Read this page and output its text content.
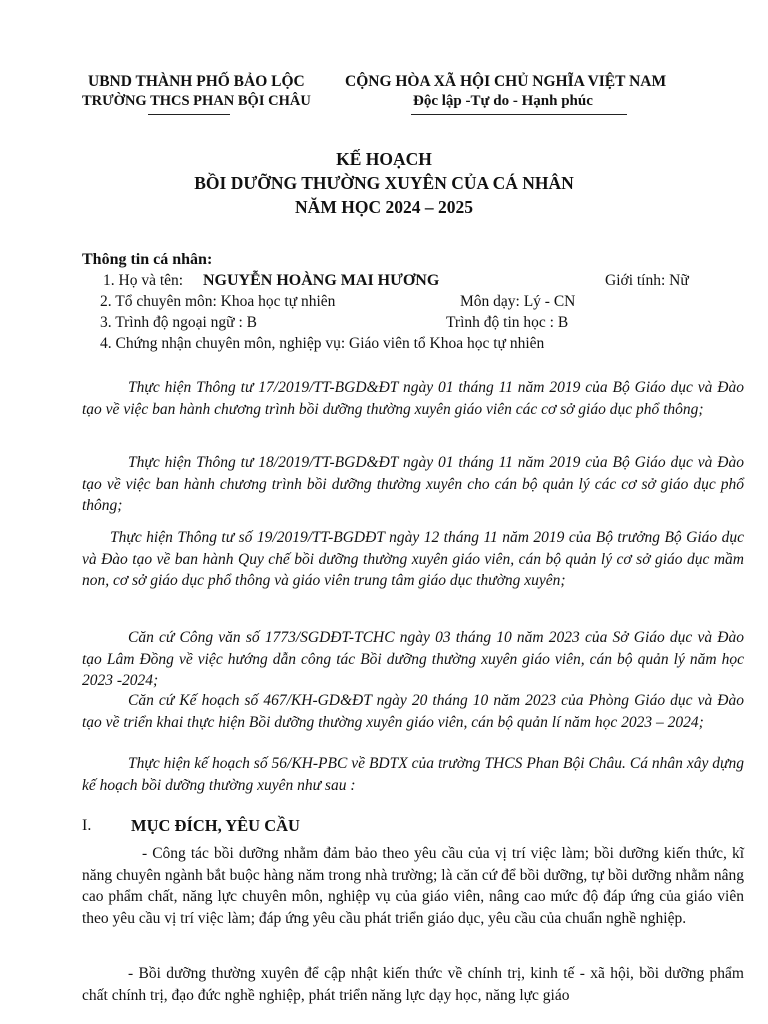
UBND THÀNH PHỐ BẢO LỘC
TRƯỜNG THCS PHAN BỘI CHÂU
CỘNG HÒA XÃ HỘI CHỦ NGHĨA VIỆT NAM
Độc lập -Tự do - Hạnh phúc
KẾ HOẠCH
BỒI DƯỠNG THƯỜNG XUYÊN CỦA CÁ NHÂN
NĂM HỌC 2024 – 2025
Thông tin cá nhân:
1. Họ và tên: NGUYỄN HOÀNG MAI HƯƠNG	Giới tính: Nữ
2. Tổ chuyên môn: Khoa học tự nhiên	Môn dạy: Lý - CN
3. Trình độ ngoại ngữ : B	Trình độ tin học : B
4. Chứng nhận chuyên môn, nghiệp vụ: Giáo viên tổ Khoa học tự nhiên

Thực hiện Thông tư 17/2019/TT-BGD&ĐT ngày 01 tháng 11 năm 2019 của Bộ Giáo dục và Đào tạo về việc ban hành chương trình bồi dưỡng thường xuyên giáo viên các cơ sở giáo dục phổ thông;

Thực hiện Thông tư 18/2019/TT-BGD&ĐT ngày 01 tháng 11 năm 2019 của Bộ Giáo dục và Đào tạo về việc ban hành chương trình bồi dưỡng thường xuyên cho cán bộ quản lý các cơ sở giáo dục phổ thông;

Thực hiện Thông tư số 19/2019/TT-BGDĐT ngày 12 tháng 11 năm 2019 của Bộ trưởng Bộ Giáo dục và Đào tạo về ban hành Quy chế bồi dưỡng thường xuyên giáo viên, cán bộ quản lý cơ sở giáo dục mầm non, cơ sở giáo dục phổ thông và giáo viên trung tâm giáo dục thường xuyên;

Căn cứ Công văn số 1773/SGDĐT-TCHC ngày 03 tháng 10 năm 2023 của Sở Giáo dục và Đào tạo Lâm Đồng về việc hướng dẫn công tác Bồi dưỡng thường xuyên giáo viên, cán bộ quản lý năm học 2023 -2024;

Căn cứ Kế hoạch số 467/KH-GD&ĐT ngày 20 tháng 10 năm 2023 của Phòng Giáo dục và Đào tạo về triển khai thực hiện Bồi dưỡng thường xuyên giáo viên, cán bộ quản lí năm học 2023 – 2024;

Thực hiện kế hoạch số 56/KH-PBC về BDTX của trường THCS Phan Bội Châu. Cá nhân xây dựng kế hoạch bồi dưỡng thường xuyên như sau :

I. MỤC ĐÍCH, YÊU CẦU

- Công tác bồi dưỡng nhằm đảm bảo theo yêu cầu của vị trí việc làm; bồi dưỡng kiến thức, kĩ năng chuyên ngành bắt buộc hàng năm trong nhà trường; là căn cứ để bồi dưỡng, tự bồi dưỡng nhằm nâng cao phẩm chất, năng lực chuyên môn, nghiệp vụ của giáo viên, nâng cao mức độ đáp ứng của giáo viên theo yêu cầu vị trí việc làm; đáp ứng yêu cầu phát triển giáo dục, yêu cầu của chuẩn nghề nghiệp.

- Bồi dưỡng thường xuyên để cập nhật kiến thức về chính trị, kinh tế - xã hội, bồi dưỡng phẩm chất chính trị, đạo đức nghề nghiệp, phát triển năng lực dạy học, năng lực giáo
